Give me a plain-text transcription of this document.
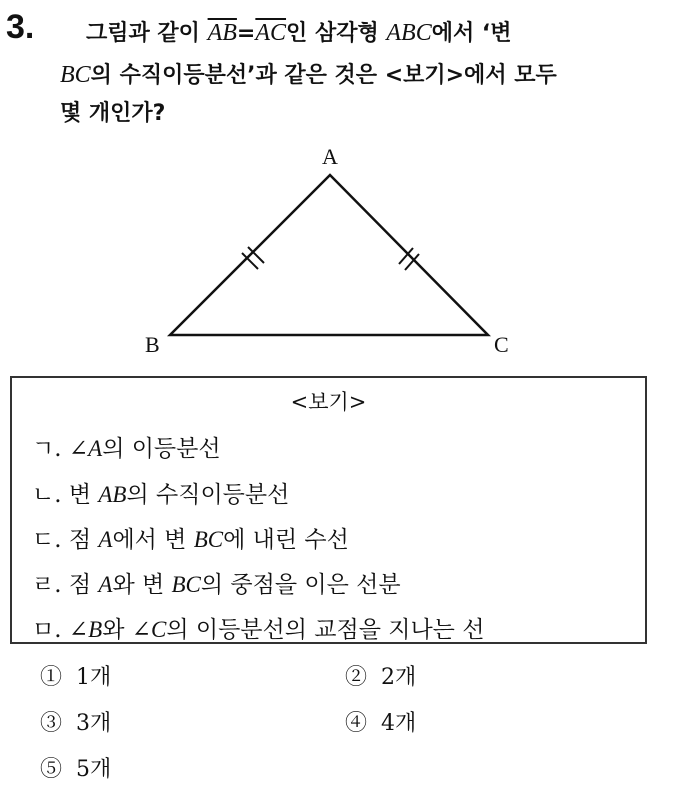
3. 그림과 같이 $\overline{AB}=\overline{AC}$인 삼각형 ABC에서 ‘변
BC의 수직이등분선’과 같은 것은 <보기>에서 모두
몇 개인가?
A
B	C
<보기>
ㄱ. ∠A의 이등분선
ㄴ. 변 AB의 수직이등분선
ㄷ. 점 A에서 변 BC에 내린 수선
ㄹ. 점 A와 변 BC의 중점을 이은 선분
ㅁ. ∠B와 ∠C의 이등분선의 교점을 지나는 선
① 1개	② 2개
③ 3개	④ 4개
⑤ 5개
